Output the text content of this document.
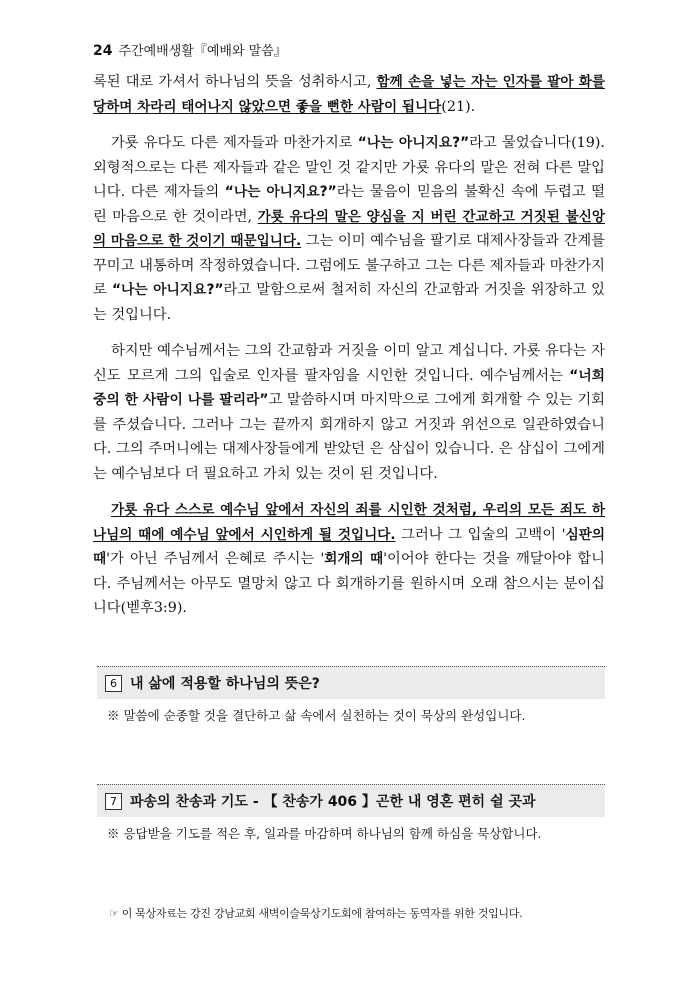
24 주간예배생활『예배와 말씀』

록된 대로 가셔서 하나님의 뜻을 성취하시고, 함께 손을 넣는 자는 인자를 팔아 화를 당하며 차라리 태어나지 않았으면 좋을 뻔한 사람이 됩니다(21).

가룟 유다도 다른 제자들과 마찬가지로 “나는 아니지요?”라고 물었습니다(19). 외형적으로는 다른 제자들과 같은 말인 것 같지만 가룟 유다의 말은 전혀 다른 말입니다. 다른 제자들의 “나는 아니지요?”라는 물음이 믿음의 불확신 속에 두렵고 떨린 마음으로 한 것이라면, 가룟 유다의 말은 양심을 지 버린 간교하고 거짓된 불신앙의 마음으로 한 것이기 때문입니다. 그는 이미 예수님을 팔기로 대제사장들과 간계를 꾸미고 내통하며 작정하였습니다. 그럼에도 불구하고 그는 다른 제자들과 마찬가지로 “나는 아니지요?”라고 말함으로써 철저히 자신의 간교함과 거짓을 위장하고 있는 것입니다.

하지만 예수님께서는 그의 간교함과 거짓을 이미 알고 계십니다. 가룟 유다는 자신도 모르게 그의 입술로 인자를 팔자임을 시인한 것입니다. 예수님께서는 “너희 중의 한 사람이 나를 팔리라”고 말씀하시며 마지막으로 그에게 회개할 수 있는 기회를 주셨습니다. 그러나 그는 끝까지 회개하지 않고 거짓과 위선으로 일관하였습니다. 그의 주머니에는 대제사장들에게 받았던 은 삼십이 있습니다. 은 삼십이 그에게는 예수님보다 더 필요하고 가치 있는 것이 된 것입니다.

가룟 유다 스스로 예수님 앞에서 자신의 죄를 시인한 것처럼, 우리의 모든 죄도 하나님의 때에 예수님 앞에서 시인하게 될 것입니다. 그러나 그 입술의 고백이 '심판의 때'가 아닌 주님께서 은혜로 주시는 '회개의 때'이어야 한다는 것을 깨달아야 합니다. 주님께서는 아무도 멸망치 않고 다 회개하기를 원하시며 오래 참으시는 분이십니다(벧후3:9).

6 내 삶에 적용할 하나님의 뜻은?
※ 말씀에 순종할 것을 결단하고 삶 속에서 실천하는 것이 묵상의 완성입니다.
7 파송의 찬송과 기도 - 【 찬송가 406 】곤한 내 영혼 편히 쉴 곳과
※ 응답받을 기도를 적은 후, 일과를 마감하며 하나님의 함께 하심을 묵상합니다.
☞ 이 묵상자료는 강진 강남교회 새벽이슬묵상기도회에 참여하는 동역자를 위한 것입니다.
